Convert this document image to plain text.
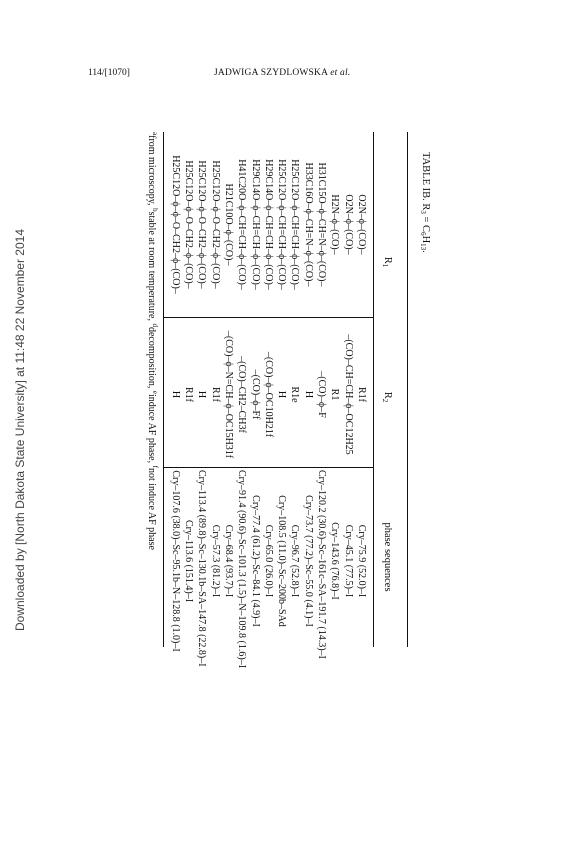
114/[1070]	JADWIGA SZYDLOWSKA et al.
Downloaded by [North Dakota State University] at 11:48 22 November 2014
TABLE IB. $R_3 = C_6H_{13}$.
$R_1$
$R_2$
phase sequences
O2N–ϕ–(CO)–
R1f
Cry–75.9 (52.0)–I
O2N–ϕ–(CO)–
–(CO)–CH=CH–ϕ–OC12H25
Cry–45.1 (77.5)–I
H2N–ϕ–(CO)–
R1
Cry–143.6 (76.8)–I
H31C15O–ϕ–CH=N–ϕ–(CO)–
–(CO)–ϕ–F
Cry–120.2 (30.6)–Sc–161c–SA–191.7 (14.3)–I
H33C16O–ϕ–CH=N–ϕ–(CO)–
H
Cry–73.7 (77.2)–Sc–55.0 (4.1)–I
H25C12O–ϕ–CH=CH–ϕ–(CO)–
R1e
Cry–96.7 (52.8)–I
H25C12O–ϕ–CH=CH–ϕ–(CO)–
H
Cry–108.5 (11.0)–Sc–200b–SAd
H29C14O–ϕ–CH=CH–ϕ–(CO)–
–(CO)–ϕ–OC10H21f
Cry–65.0 (26.0)–I
H29C14O–ϕ–CH=CH–ϕ–(CO)–
–(CO)–ϕ–Ff
Cry–77.4 (61.2)–Sc–84.1 (4.9)–I
H41C20O–ϕ–CH=CH–ϕ–(CO)–
–(CO)–CH2–CH3f
Cry–91.4 (90.6)–Sc–101.3 (1.5)–N–109.8 (1.6)–I
H21C10O–ϕ–(CO)–
–(CO)–ϕ–N=CH–ϕ–OC15H31f
Cry–68.4 (93.7)–I
H25C12O–ϕ–O–CH2–ϕ–(CO)–
R1f
Cry–57.3 (81.2)–I
H25C12O–ϕ–O–CH2–ϕ–(CO)–
H
Cry–113.4 (89.8)–Sc–130.1b–SA–147.8 (22.8)–I
H25C12O–ϕ–O–CH2–ϕ–(CO)–
R1f
Cry–113.6 (151.4)–I
H25C12O–ϕ–ϕ–O–CH2–ϕ–(CO)–
H
Cry–107.6 (38.0)–Sc–95.1b–N–128.8 (1.0)–I
$^a$from microscopy, $^b$stable at room temperature, $^d$decomposition, $^e$induce AF phase, $^f$not induce AF phase
